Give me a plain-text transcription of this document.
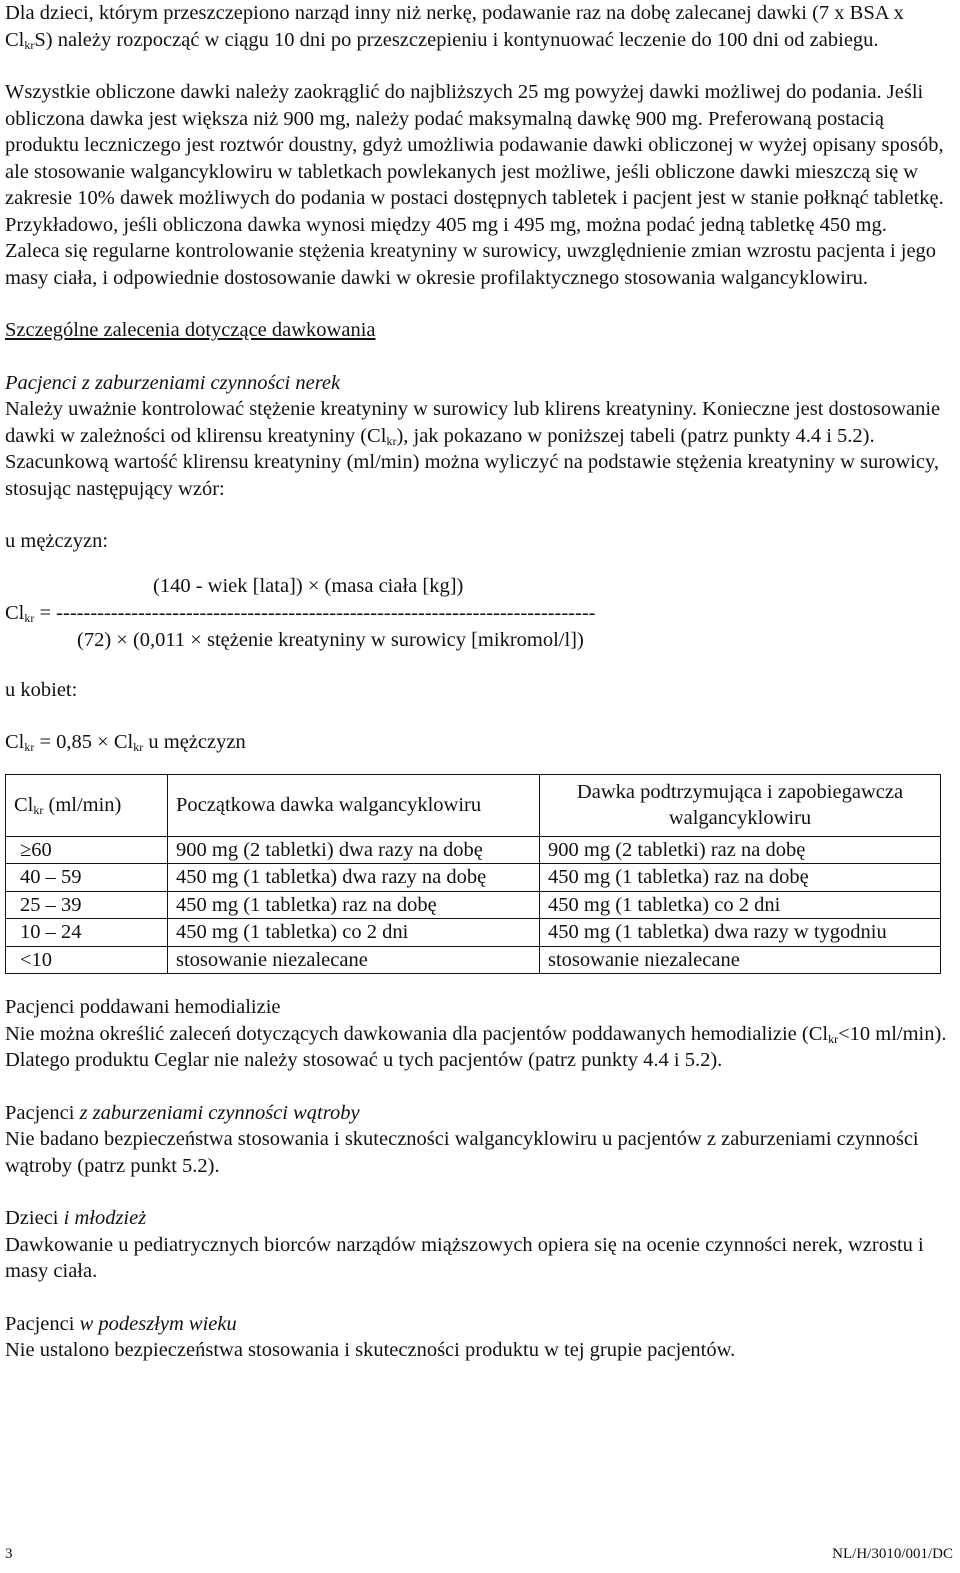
Dla dzieci, którym przeszczepiono narząd inny niż nerkę, podawanie raz na dobę zalecanej dawki (7 x BSA x $Cl_{kr}S$) należy rozpocząć w ciągu 10 dni po przeszczepieniu i kontynuować leczenie do 100 dni od zabiegu.

Wszystkie obliczone dawki należy zaokrąglić do najbliższych 25 mg powyżej dawki możliwej do podania. Jeśli obliczona dawka jest większa niż 900 mg, należy podać maksymalną dawkę 900 mg. Preferowaną postacią produktu leczniczego jest roztwór doustny, gdyż umożliwia podawanie dawki obliczonej w wyżej opisany sposób, ale stosowanie walgancyklowiru w tabletkach powlekanych jest możliwe, jeśli obliczone dawki mieszczą się w zakresie 10% dawek możliwych do podania w postaci dostępnych tabletek i pacjent jest w stanie połknąć tabletkę. Przykładowo, jeśli obliczona dawka wynosi między 405 mg i 495 mg, można podać jedną tabletkę 450 mg.

Zaleca się regularne kontrolowanie stężenia kreatyniny w surowicy, uwzględnienie zmian wzrostu pacjenta i jego masy ciała, i odpowiednie dostosowanie dawki w okresie profilaktycznego stosowania walgancyklowiru.

Szczególne zalecenia dotyczące dawkowania

Pacjenci z zaburzeniami czynności nerek

Należy uważnie kontrolować stężenie kreatyniny w surowicy lub klirens kreatyniny. Konieczne jest dostosowanie dawki w zależności od klirensu kreatyniny $(Cl_{kr})$, jak pokazano w poniższej tabeli (patrz punkty 4.4 i 5.2).

Szacunkową wartość klirensu kreatyniny (ml/min) można wyliczyć na podstawie stężenia kreatyniny w surowicy, stosując następujący wzór:

u mężczyzn:

(140 - wiek [lata]) × (masa ciała [kg])
$Cl_{kr}$ = -------------------------------------------------------------------------------
(72) × (0,011 × stężenie kreatyniny w surowicy [mikromol/l])

u kobiet:

$Cl_{kr} = 0,85 \times Cl_{kr}$ u mężczyzn

$Cl_{kr}$ (ml/min)	Początkowa dawka walgancyklowiru	Dawka podtrzymująca i zapobiegawcza walgancyklowiru
≥60	900 mg (2 tabletki) dwa razy na dobę	900 mg (2 tabletki) raz na dobę
40 – 59	450 mg (1 tabletka) dwa razy na dobę	450 mg (1 tabletka) raz na dobę
25 – 39	450 mg (1 tabletka) raz na dobę	450 mg (1 tabletka) co 2 dni
10 – 24	450 mg (1 tabletka) co 2 dni	450 mg (1 tabletka) dwa razy w tygodniu
<10	stosowanie niezalecane	stosowanie niezalecane

Pacjenci poddawani hemodializie

Nie można określić zaleceń dotyczących dawkowania dla pacjentów poddawanych hemodializie ($Cl_{kr}<10$ ml/min). Dlatego produktu Ceglar nie należy stosować u tych pacjentów (patrz punkty 4.4 i 5.2).

Pacjenci z zaburzeniami czynności wątroby

Nie badano bezpieczeństwa stosowania i skuteczności walgancyklowiru u pacjentów z zaburzeniami czynności wątroby (patrz punkt 5.2).

Dzieci i młodzież

Dawkowanie u pediatrycznych biorców narządów miąższowych opiera się na ocenie czynności nerek, wzrostu i masy ciała.

Pacjenci w podeszłym wieku

Nie ustalono bezpieczeństwa stosowania i skuteczności produktu w tej grupie pacjentów.

3	NL/H/3010/001/DC
